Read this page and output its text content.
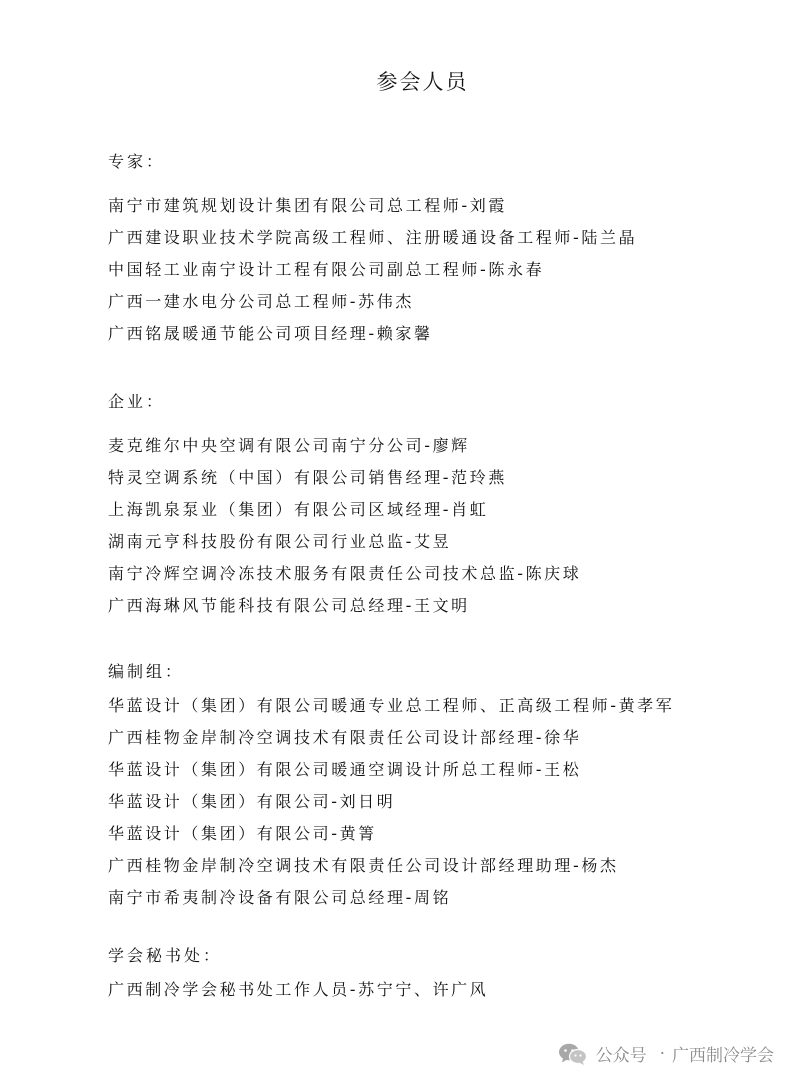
参会人员
专家：
南宁市建筑规划设计集团有限公司总工程师-刘霞
广西建设职业技术学院高级工程师、注册暖通设备工程师-陆兰晶
中国轻工业南宁设计工程有限公司副总工程师-陈永春
广西一建水电分公司总工程师-苏伟杰
广西铭晟暖通节能公司项目经理-赖家馨
企业：
麦克维尔中央空调有限公司南宁分公司-廖辉
特灵空调系统（中国）有限公司销售经理-范玲燕
上海凯泉泵业（集团）有限公司区域经理-肖虹
湖南元亨科技股份有限公司行业总监-艾昱
南宁冷辉空调冷冻技术服务有限责任公司技术总监-陈庆球
广西海琳风节能科技有限公司总经理-王文明
编制组：
华蓝设计（集团）有限公司暖通专业总工程师、正高级工程师-黄孝军
广西桂物金岸制冷空调技术有限责任公司设计部经理-徐华
华蓝设计（集团）有限公司暖通空调设计所总工程师-王松
华蓝设计（集团）有限公司-刘日明
华蓝设计（集团）有限公司-黄箐
广西桂物金岸制冷空调技术有限责任公司设计部经理助理-杨杰
南宁市希夷制冷设备有限公司总经理-周铭
学会秘书处：
广西制冷学会秘书处工作人员-苏宁宁、许广风
公众号 · 广西制冷学会
